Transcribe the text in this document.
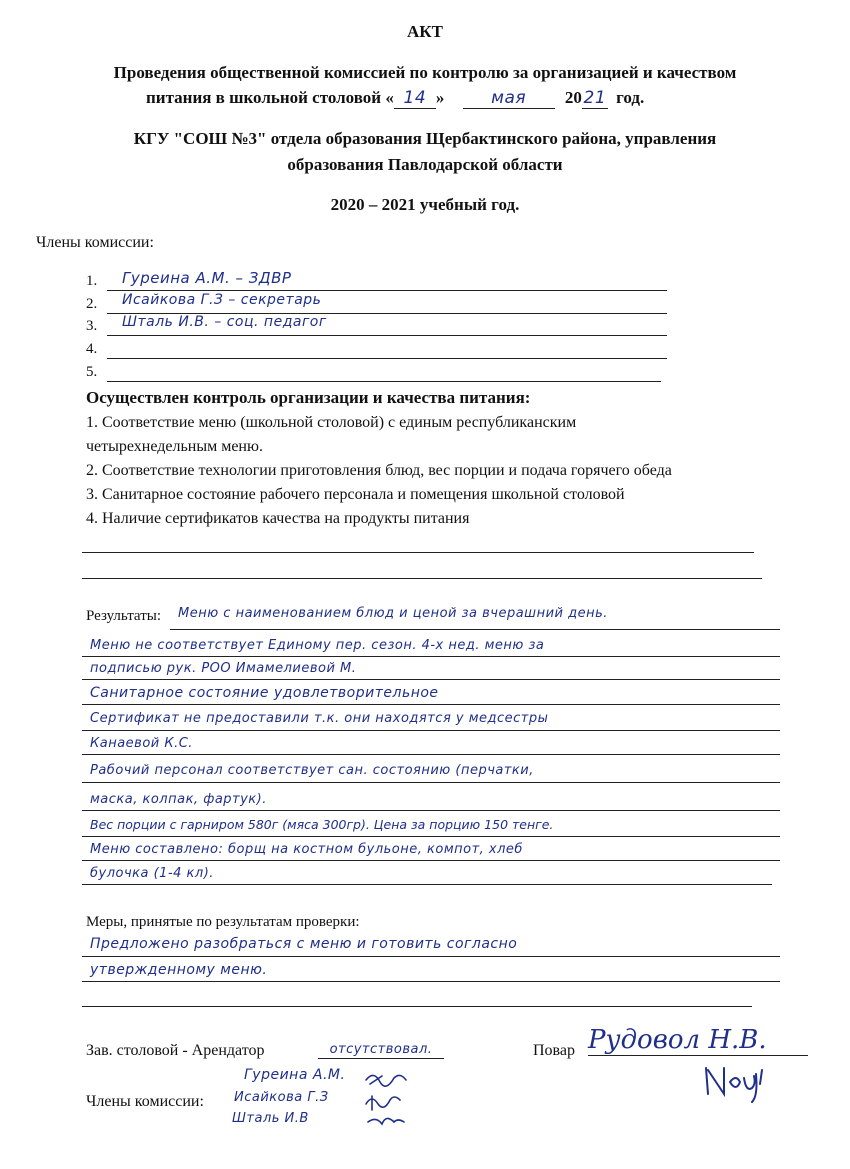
АКТ
Проведения общественной комиссией по контролю за организацией и качеством
питания в школьной столовой « 14 »	мая 2021 год.
КГУ "СОШ №3" отдела образования Щербактинского района, управления
образования Павлодарской области
2020 – 2021 учебный год.
Члены комиссии:
1. Гуреина А.М. – ЗДВР
2. Исайкова Г.З – секретарь
3. Шталь И.В. – соц. педагог
4.
5.
Осуществлен контроль организации и качества питания:
1. Соответствие меню (школьной столовой) с единым республиканским
четырехнедельным меню.
2. Соответствие технологии приготовления блюд, вес порции и подача горячего обеда
3. Санитарное состояние рабочего персонала и помещения школьной столовой
4. Наличие сертификатов качества на продукты питания
Результаты: Меню с наименованием блюд и ценой за вчерашний день.
Меню не соответствует Единому пер. сезон. 4-х нед. меню за
подписью рук. РОО Имамелиевой М.
Санитарное состояние удовлетворительное
Сертификат не предоставили т.к. они находятся у медсестры
Канаевой К.С.
Рабочий персонал соответствует сан. состоянию (перчатки,
маска, колпак, фартук).
Вес порции с гарниром 580г (мяса 300гр). Цена за порцию 150 тенге.
Меню составлено: борщ на костном бульоне, компот, хлеб
булочка (1-4 кл).
Меры, принятые по результатам проверки:
Предложено разобраться с меню и готовить согласно
утвержденному меню.
Зав. столовой - Арендатор	отсутствовал.	Повар Рудовол Н.В.
Члены комиссии:
Гуреина А.М.
Исайкова Г.З
Шталь И.В
